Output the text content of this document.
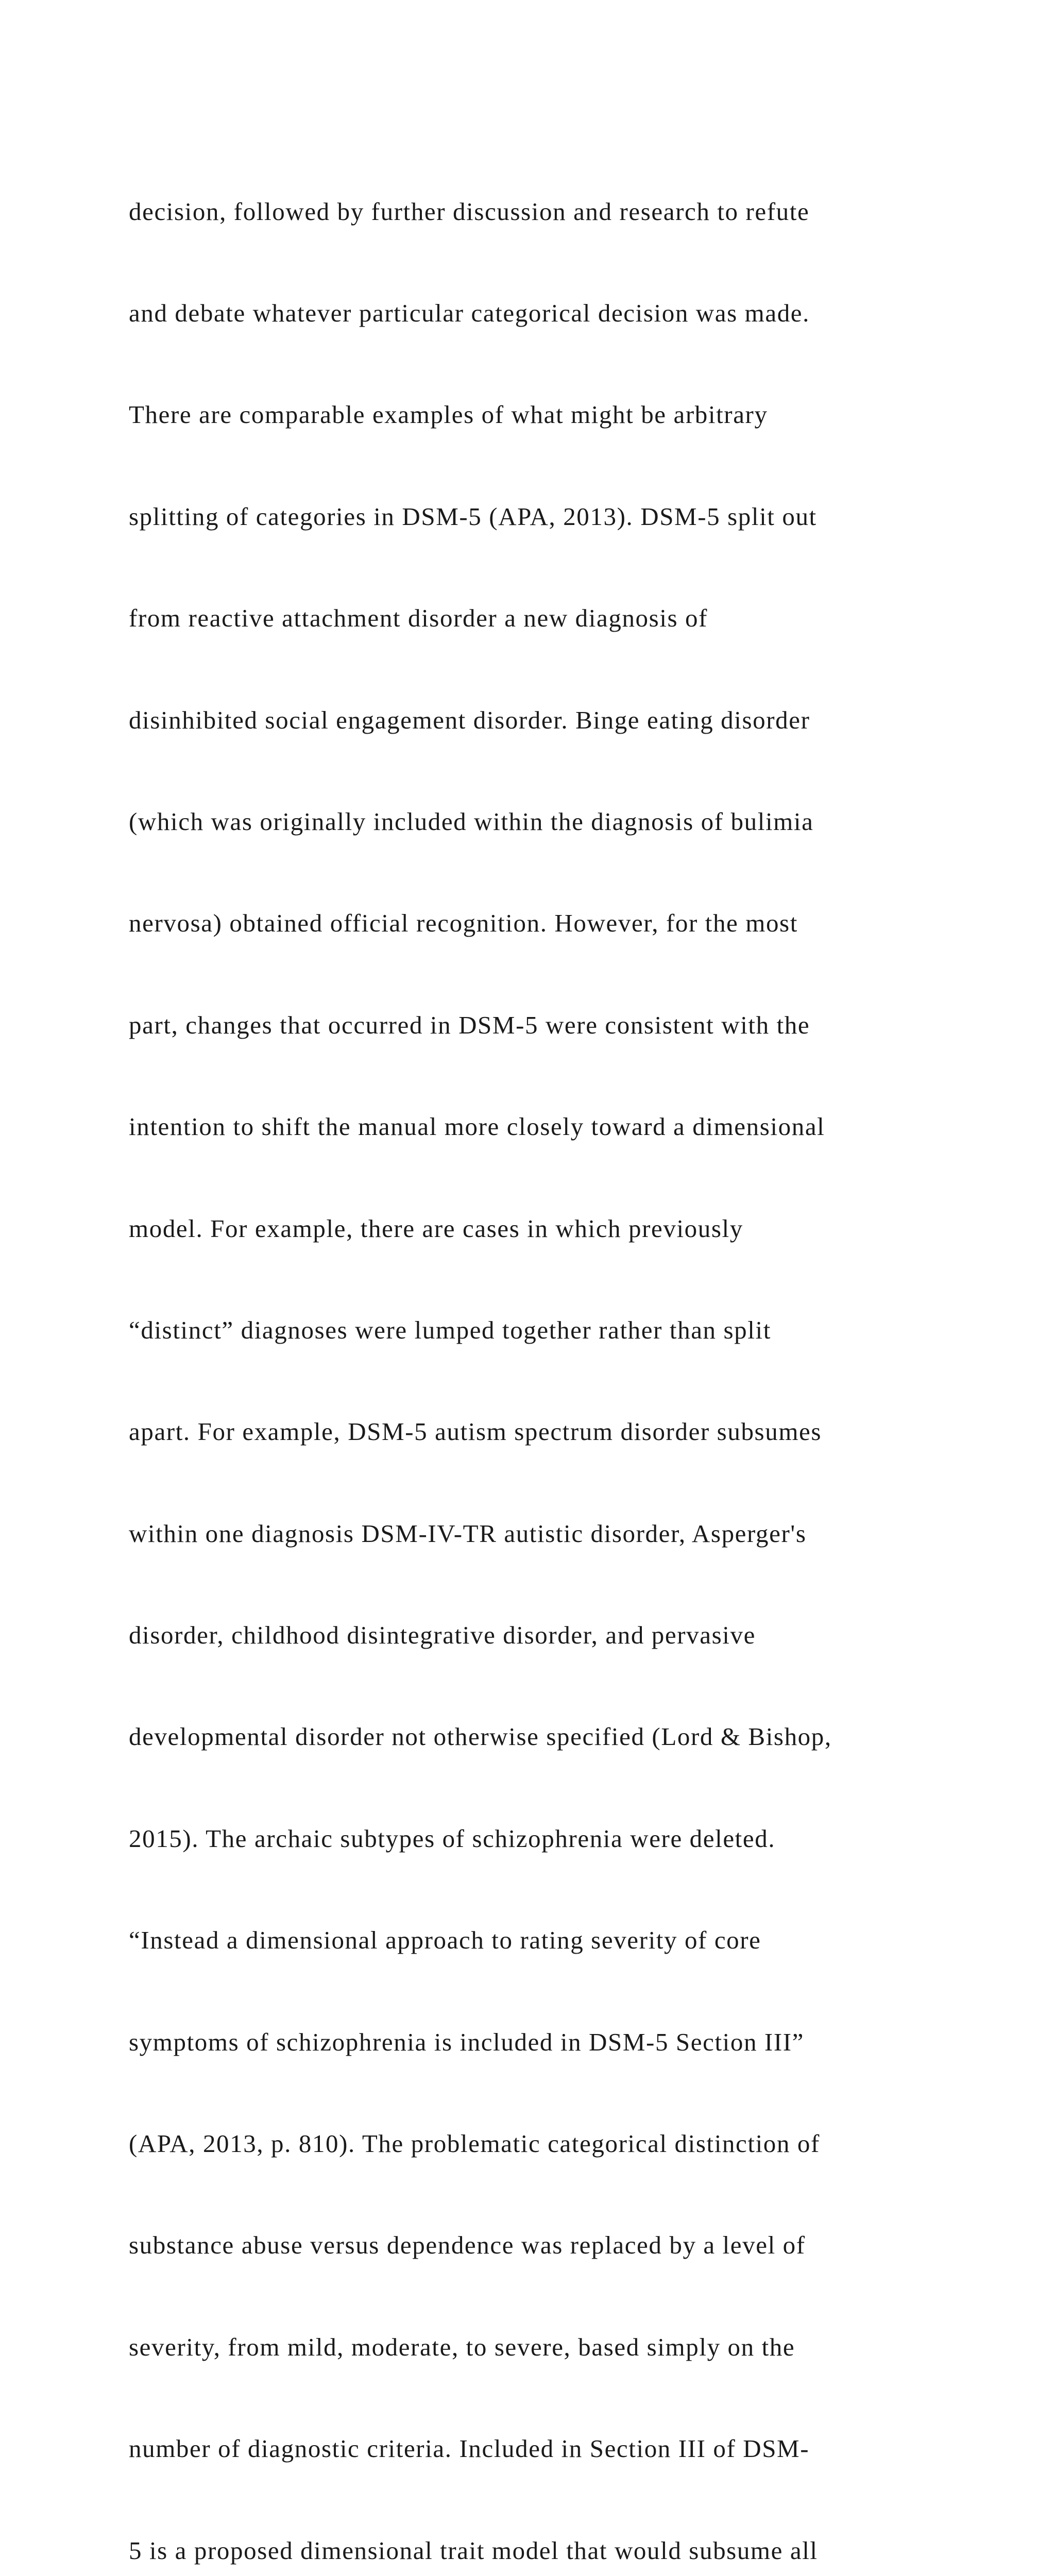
decision, followed by further discussion and research to refute

and debate whatever particular categorical decision was made.

There are comparable examples of what might be arbitrary

splitting of categories in DSM-5 (APA, 2013). DSM-5 split out

from reactive attachment disorder a new diagnosis of

disinhibited social engagement disorder. Binge eating disorder

(which was originally included within the diagnosis of bulimia

nervosa) obtained official recognition. However, for the most

part, changes that occurred in DSM-5 were consistent with the

intention to shift the manual more closely toward a dimensional

model. For example, there are cases in which previously

“distinct” diagnoses were lumped together rather than split

apart. For example, DSM-5 autism spectrum disorder subsumes

within one diagnosis DSM-IV-TR autistic disorder, Asperger's

disorder, childhood disintegrative disorder, and pervasive

developmental disorder not otherwise specified (Lord & Bishop,

2015). The archaic subtypes of schizophrenia were deleted.

“Instead a dimensional approach to rating severity of core

symptoms of schizophrenia is included in DSM-5 Section III”

(APA, 2013, p. 810). The problematic categorical distinction of

substance abuse versus dependence was replaced by a level of

severity, from mild, moderate, to severe, based simply on the

number of diagnostic criteria. Included in Section III of DSM-

5 is a proposed dimensional trait model that would subsume all
